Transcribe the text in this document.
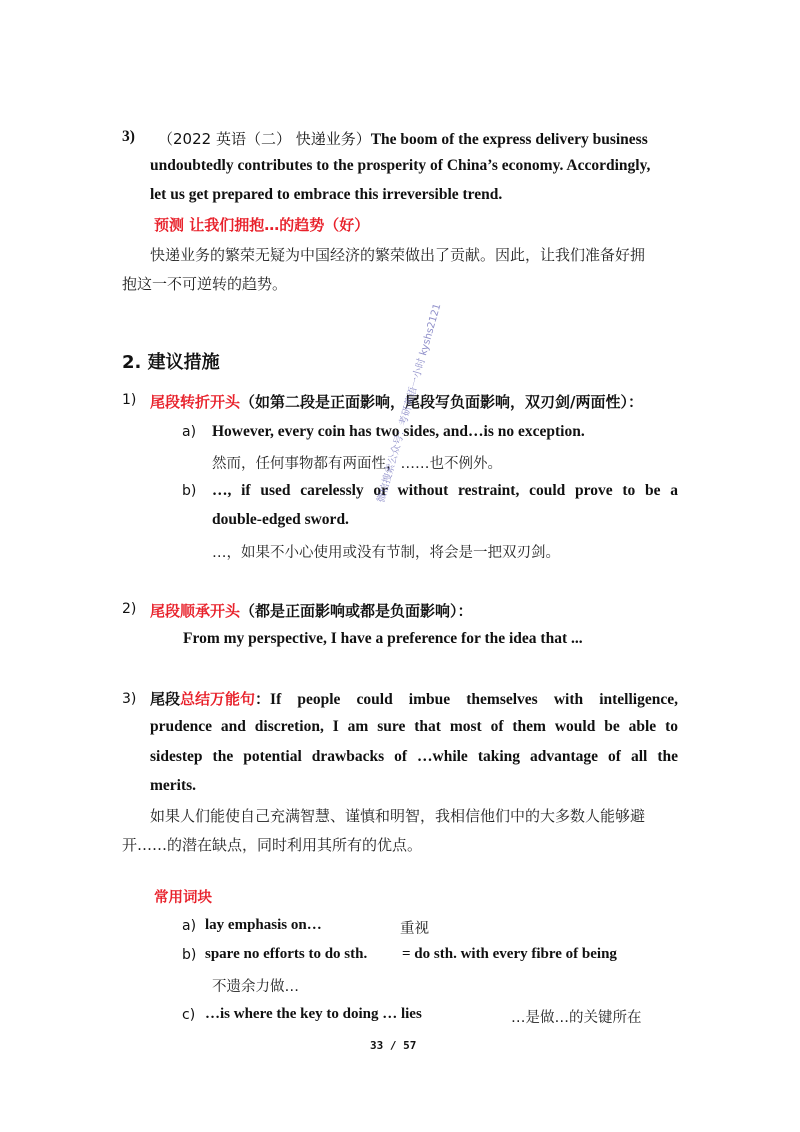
3) （2022 英语（二） 快递业务）The boom of the express delivery business
undoubtedly contributes to the prosperity of China’s economy. Accordingly,
let us get prepared to embrace this irreversible trend.
预测 让我们拥抱…的趋势（好）
快递业务的繁荣无疑为中国经济的繁荣做出了贡献。因此，让我们准备好拥
抱这一不可逆转的趋势。
2. 建议措施
1) 尾段转折开头（如第二段是正面影响，尾段写负面影响，双刃剑/两面性）：
a) However, every coin has two sides, and…is no exception.
然而，任何事物都有两面性，……也不例外。
b) …, if used carelessly or without restraint, could prove to be a
double-edged sword.
…，如果不小心使用或没有节制，将会是一把双刃剑。
2) 尾段顺承开头（都是正面影响或都是负面影响）：
From my perspective, I have a preference for the idea that ...
3) 尾段 总结万能句 ： If people could imbue themselves with intelligence,
prudence and discretion, I am sure that most of them would be able to
sidestep the potential drawbacks of …while taking advantage of all the
merits.
如果人们能使自己充满智慧、谨慎和明智，我相信他们中的大多数人能够避
开……的潜在缺点，同时利用其所有的优点。
常用词块
a) lay emphasis on…	重视
b) spare no efforts to do sth. = do sth. with every fibre of being
不遗余力做…
c) …is where the key to doing … lies	…是做…的关键所在
微信搜索公众号：考研英语一小时 kyshs2121
33 / 57
